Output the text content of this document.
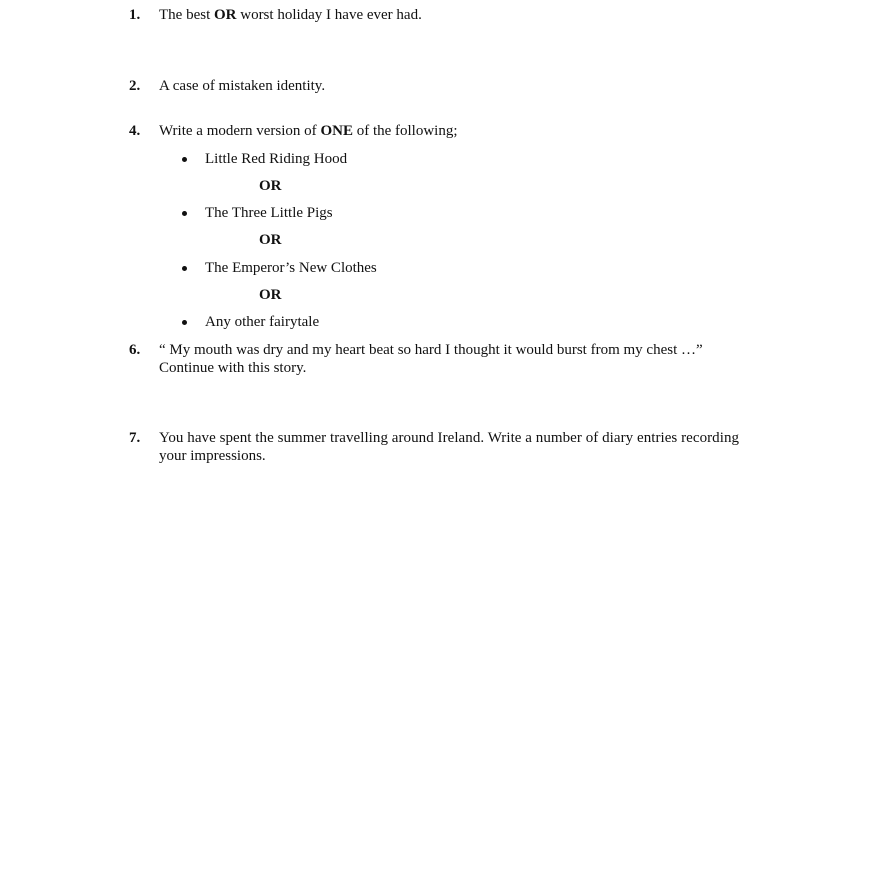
1. The best OR worst holiday I have ever had.
2. A case of mistaken identity.
4. Write a modern version of ONE of the following;
Little Red Riding Hood
OR
The Three Little Pigs
OR
The Emperor’s New Clothes
OR
Any other fairytale
6. “ My mouth was dry and my heart beat so hard I thought it would burst from my chest …”
Continue with this story.
7. You have spent the summer travelling around Ireland. Write a number of diary entries recording
your impressions.
